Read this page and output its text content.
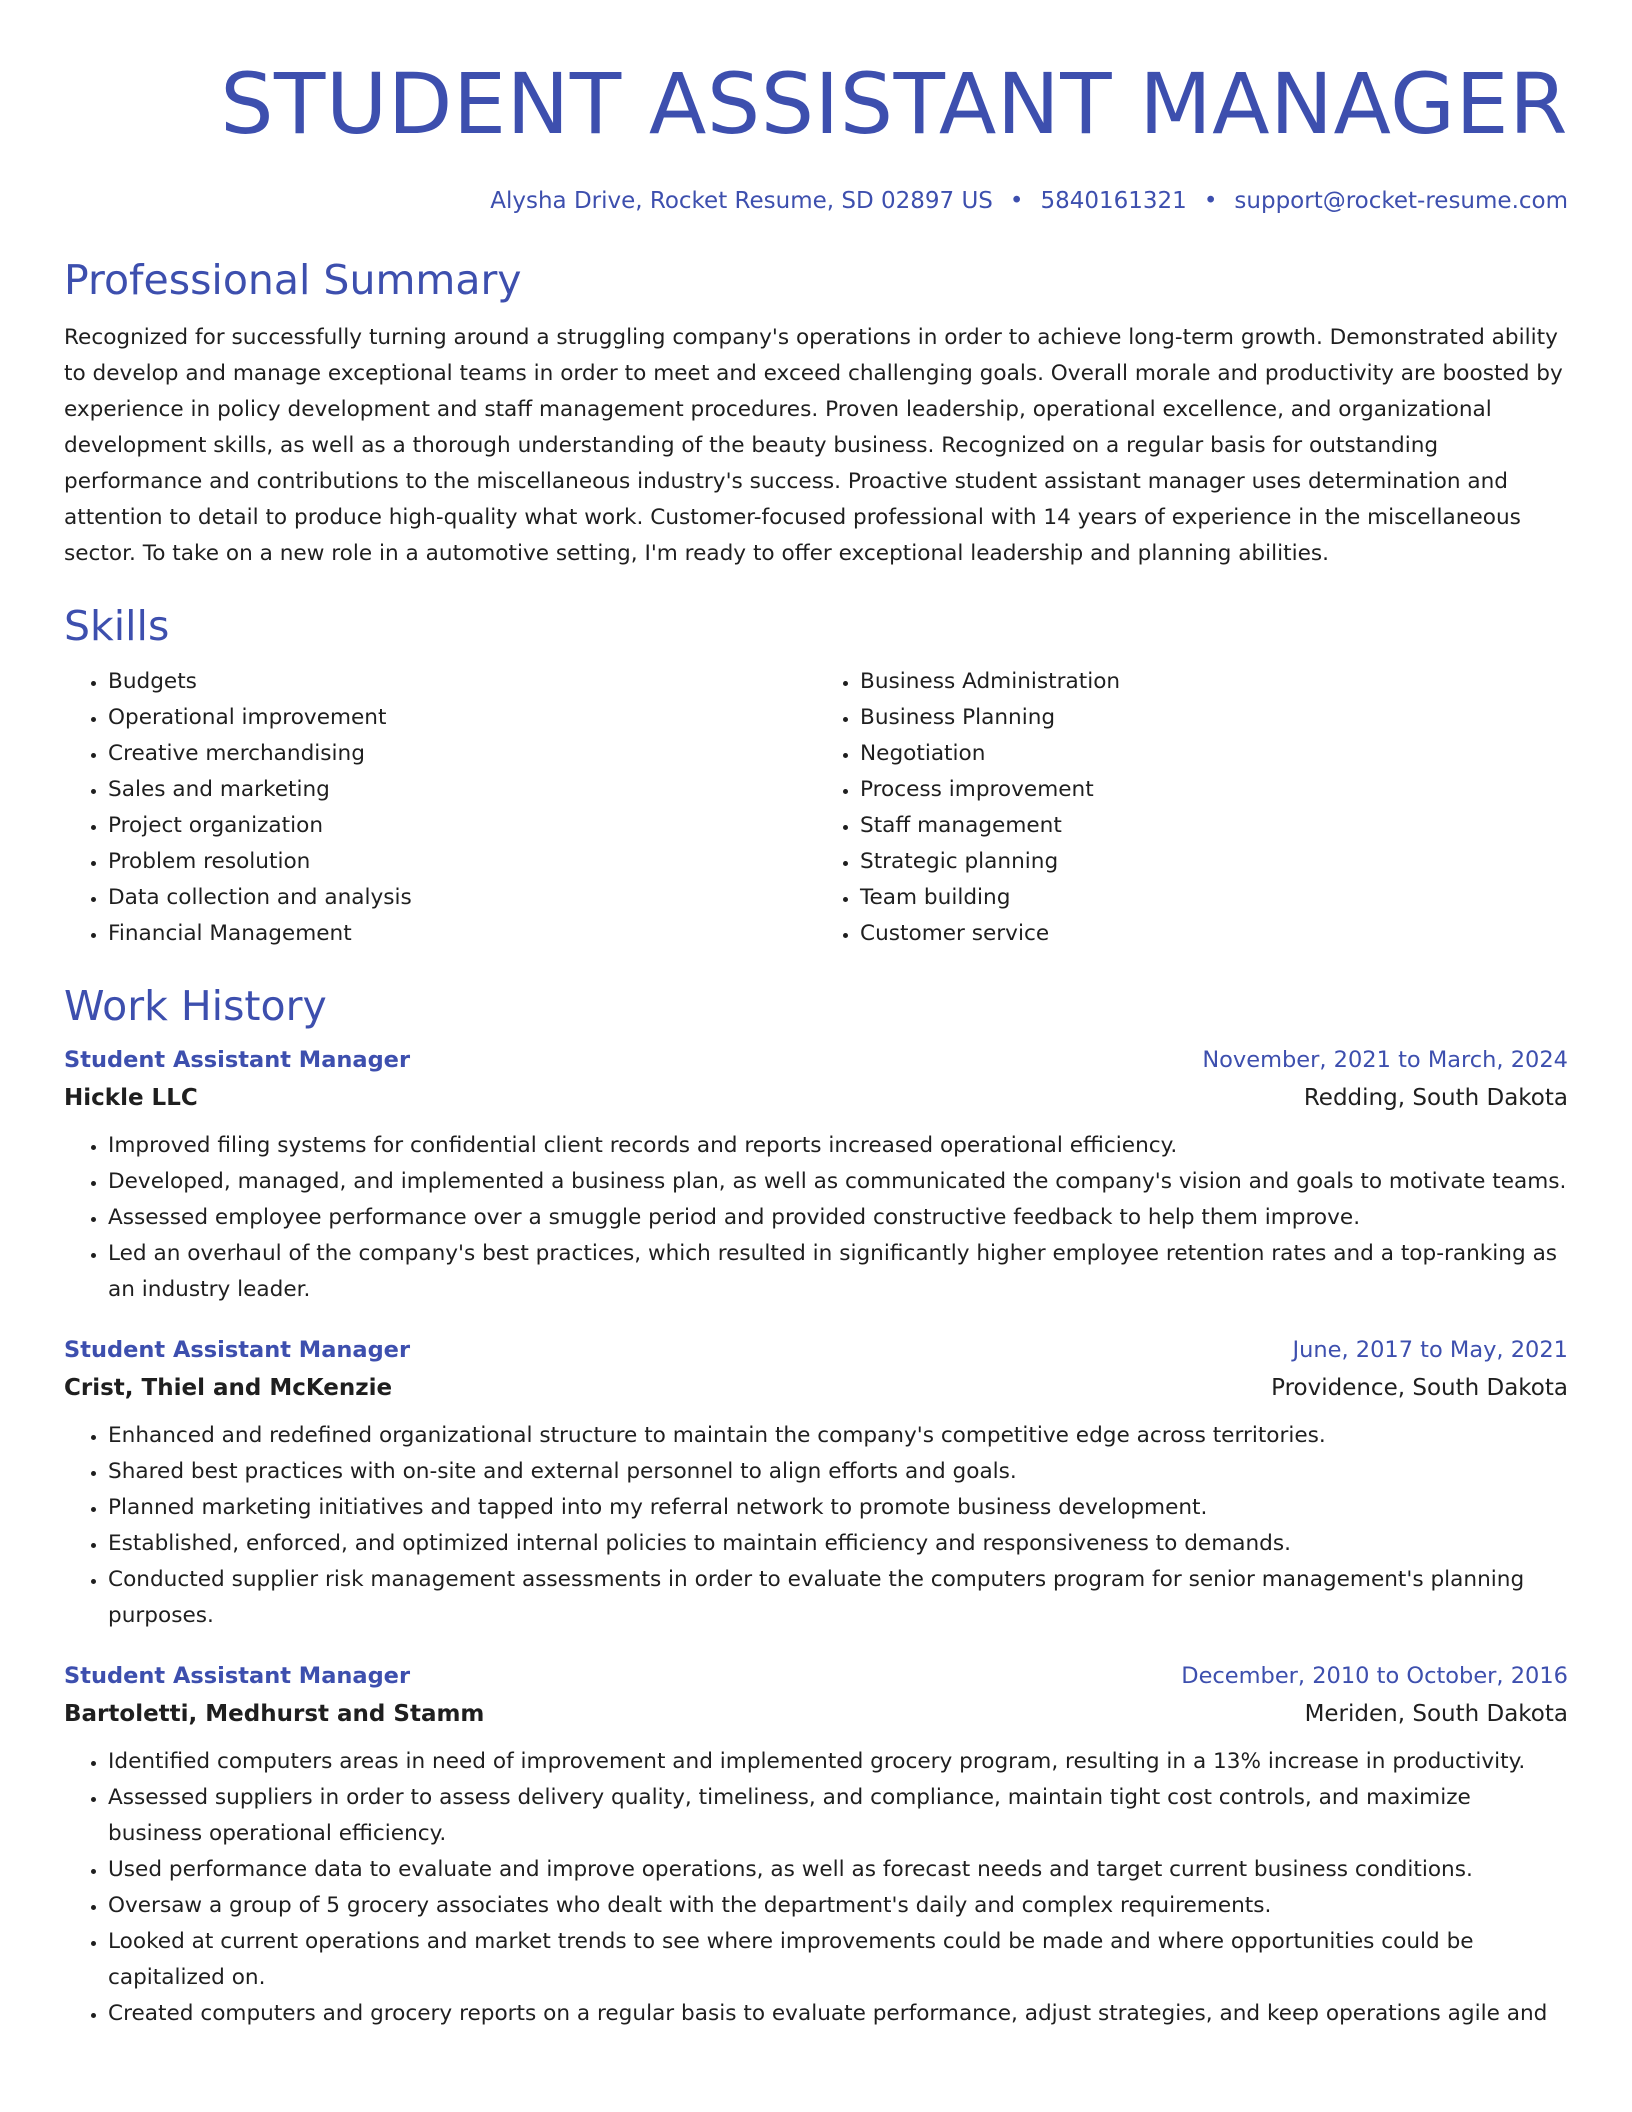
STUDENT ASSISTANT MANAGER
Alysha Drive, Rocket Resume, SD 02897 US • 5840161321 • support@rocket-resume.com
Professional Summary

Recognized for successfully turning around a struggling company's operations in order to achieve long-term growth. Demonstrated ability to develop and manage exceptional teams in order to meet and exceed challenging goals. Overall morale and productivity are boosted by experience in policy development and staff management procedures. Proven leadership, operational excellence, and organizational development skills, as well as a thorough understanding of the beauty business. Recognized on a regular basis for outstanding performance and contributions to the miscellaneous industry's success. Proactive student assistant manager uses determination and attention to detail to produce high-quality what work. Customer-focused professional with 14 years of experience in the miscellaneous sector. To take on a new role in a automotive setting, I'm ready to offer exceptional leadership and planning abilities.

Skills
• Budgets
• Operational improvement
• Creative merchandising
• Sales and marketing
• Project organization
• Problem resolution
• Data collection and analysis
• Financial Management
• Business Administration
• Business Planning
• Negotiation
• Process improvement
• Staff management
• Strategic planning
• Team building
• Customer service
Work History
Student Assistant Manager	November, 2021 to March, 2024
Hickle LLC	Redding, South Dakota
• Improved filing systems for confidential client records and reports increased operational efficiency.
• Developed, managed, and implemented a business plan, as well as communicated the company's vision and goals to motivate teams.
• Assessed employee performance over a smuggle period and provided constructive feedback to help them improve.
• Led an overhaul of the company's best practices, which resulted in significantly higher employee retention rates and a top-ranking as an industry leader.
Student Assistant Manager	June, 2017 to May, 2021
Crist, Thiel and McKenzie	Providence, South Dakota
• Enhanced and redefined organizational structure to maintain the company's competitive edge across territories.
• Shared best practices with on-site and external personnel to align efforts and goals.
• Planned marketing initiatives and tapped into my referral network to promote business development.
• Established, enforced, and optimized internal policies to maintain efficiency and responsiveness to demands.
• Conducted supplier risk management assessments in order to evaluate the computers program for senior management's planning purposes.
Student Assistant Manager	December, 2010 to October, 2016
Bartoletti, Medhurst and Stamm	Meriden, South Dakota
• Identified computers areas in need of improvement and implemented grocery program, resulting in a 13% increase in productivity.
• Assessed suppliers in order to assess delivery quality, timeliness, and compliance, maintain tight cost controls, and maximize business operational efficiency.
• Used performance data to evaluate and improve operations, as well as forecast needs and target current business conditions.
• Oversaw a group of 5 grocery associates who dealt with the department's daily and complex requirements.
• Looked at current operations and market trends to see where improvements could be made and where opportunities could be capitalized on.
• Created computers and grocery reports on a regular basis to evaluate performance, adjust strategies, and keep operations agile and
